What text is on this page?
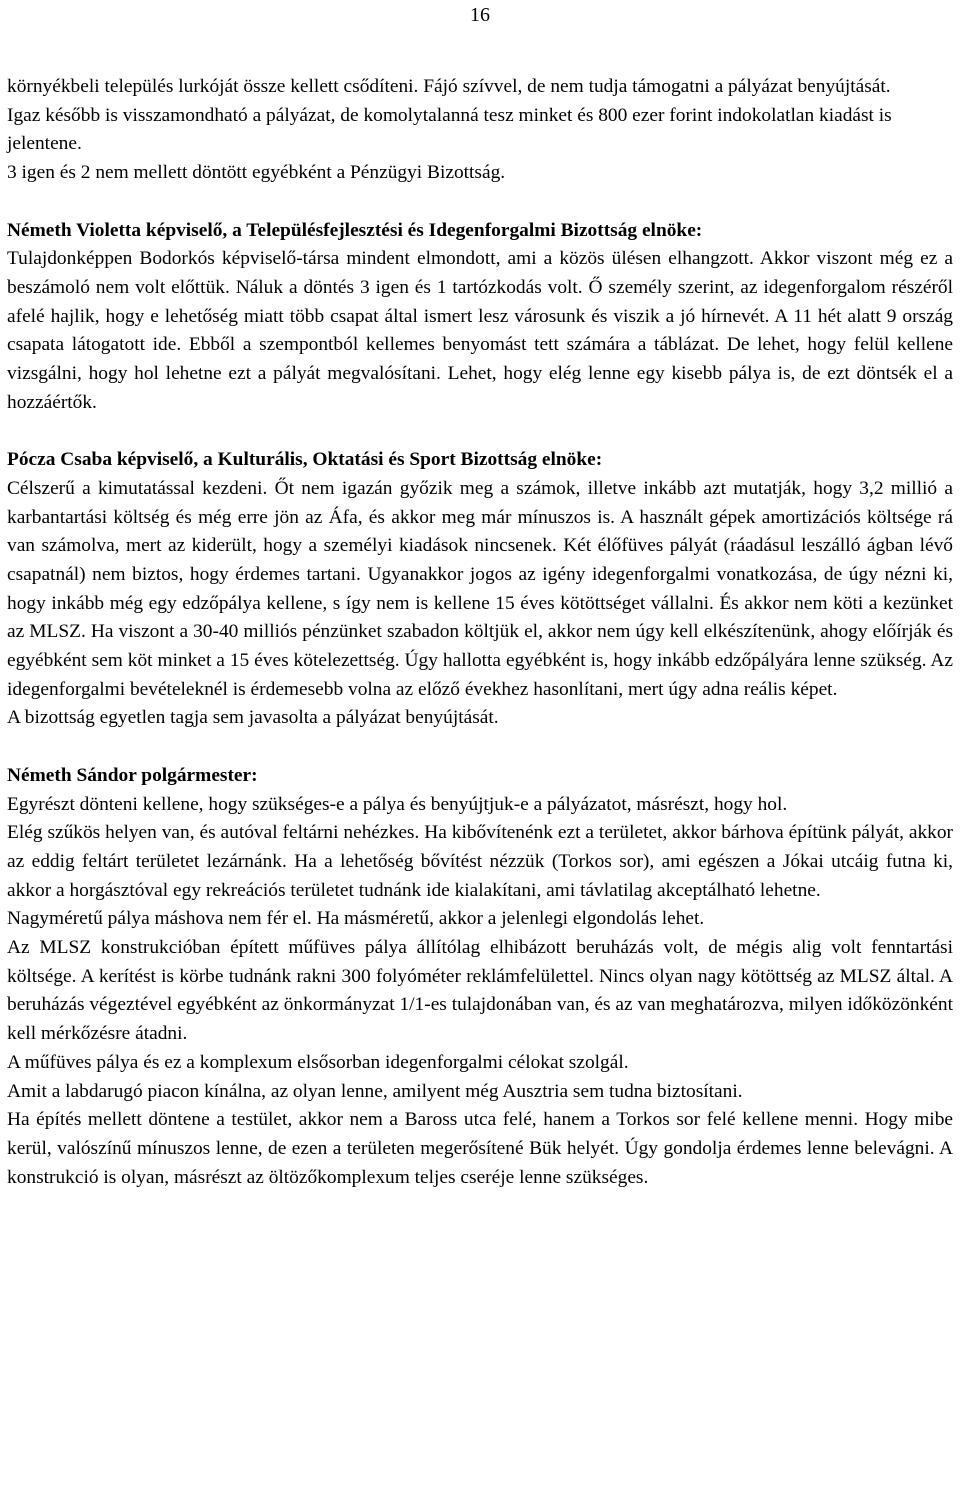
16

környékbeli település lurkóját össze kellett csődíteni. Fájó szívvel, de nem tudja támogatni a pályázat benyújtását.

Igaz később is visszamondható a pályázat, de komolytalanná tesz minket és 800 ezer forint indokolatlan kiadást is jelentene.

3 igen és 2 nem mellett döntött egyébként a Pénzügyi Bizottság.

Németh Violetta képviselő, a Településfejlesztési és Idegenforgalmi Bizottság elnöke:

Tulajdonképpen Bodorkós képviselő-társa mindent elmondott, ami a közös ülésen elhangzott. Akkor viszont még ez a beszámoló nem volt előttük. Náluk a döntés 3 igen és 1 tartózkodás volt. Ő személy szerint, az idegenforgalom részéről afelé hajlik, hogy e lehetőség miatt több csapat által ismert lesz városunk és viszik a jó hírnevét. A 11 hét alatt 9 ország csapata látogatott ide. Ebből a szempontból kellemes benyomást tett számára a táblázat. De lehet, hogy felül kellene vizsgálni, hogy hol lehetne ezt a pályát megvalósítani. Lehet, hogy elég lenne egy kisebb pálya is, de ezt döntsék el a hozzáértők.

Pócza Csaba képviselő, a Kulturális, Oktatási és Sport Bizottság elnöke:

Célszerű a kimutatással kezdeni. Őt nem igazán győzik meg a számok, illetve inkább azt mutatják, hogy 3,2 millió a karbantartási költség és még erre jön az Áfa, és akkor meg már mínuszos is. A használt gépek amortizációs költsége rá van számolva, mert az kiderült, hogy a személyi kiadások nincsenek. Két élőfüves pályát (ráadásul leszálló ágban lévő csapatnál) nem biztos, hogy érdemes tartani. Ugyanakkor jogos az igény idegenforgalmi vonatkozása, de úgy nézni ki, hogy inkább még egy edzőpálya kellene, s így nem is kellene 15 éves kötöttséget vállalni. És akkor nem köti a kezünket az MLSZ. Ha viszont a 30-40 milliós pénzünket szabadon költjük el, akkor nem úgy kell elkészítenünk, ahogy előírják és egyébként sem köt minket a 15 éves kötelezettség. Úgy hallotta egyébként is, hogy inkább edzőpályára lenne szükség. Az idegenforgalmi bevételeknél is érdemesebb volna az előző évekhez hasonlítani, mert úgy adna reális képet.

A bizottság egyetlen tagja sem javasolta a pályázat benyújtását.

Németh Sándor polgármester:

Egyrészt dönteni kellene, hogy szükséges-e a pálya és benyújtjuk-e a pályázatot, másrészt, hogy hol.

Elég szűkös helyen van, és autóval feltárni nehézkes. Ha kibővítenénk ezt a területet, akkor bárhova építünk pályát, akkor az eddig feltárt területet lezárnánk. Ha a lehetőség bővítést nézzük (Torkos sor), ami egészen a Jókai utcáig futna ki, akkor a horgásztóval egy rekreációs területet tudnánk ide kialakítani, ami távlatilag akceptálható lehetne.

Nagyméretű pálya máshova nem fér el. Ha másméretű, akkor a jelenlegi elgondolás lehet.

Az MLSZ konstrukcióban épített műfüves pálya állítólag elhibázott beruházás volt, de mégis alig volt fenntartási költsége. A kerítést is körbe tudnánk rakni 300 folyóméter reklámfelülettel. Nincs olyan nagy kötöttség az MLSZ által. A beruházás végeztével egyébként az önkormányzat 1/1-es tulajdonában van, és az van meghatározva, milyen időközönként kell mérkőzésre átadni.

A műfüves pálya és ez a komplexum elsősorban idegenforgalmi célokat szolgál.

Amit a labdarugó piacon kínálna, az olyan lenne, amilyent még Ausztria sem tudna biztosítani.

Ha építés mellett döntene a testület, akkor nem a Baross utca felé, hanem a Torkos sor felé kellene menni. Hogy mibe kerül, valószínű mínuszos lenne, de ezen a területen megerősítené Bük helyét. Úgy gondolja érdemes lenne belevágni. A konstrukció is olyan, másrészt az öltözőkomplexum teljes cseréje lenne szükséges.
